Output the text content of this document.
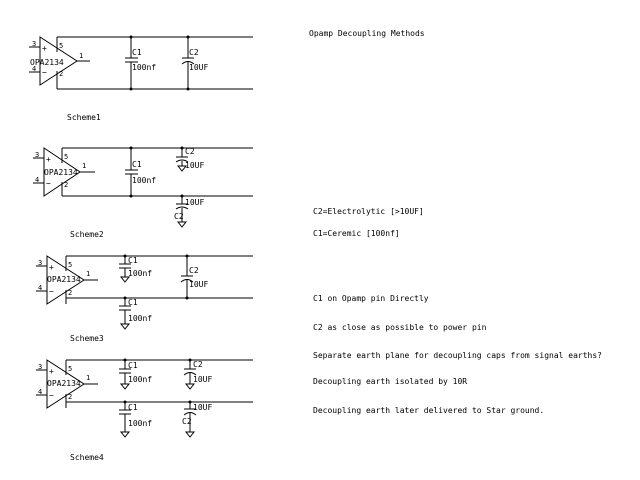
Opamp Decoupling Methods
C2=Electrolytic [>10UF]
C1=Ceremic [100nf]
C1 on Opamp pin Directly
C2 as close as possible to power pin
Separate earth plane for decoupling caps from signal earths?
Decoupling earth isolated by 10R
Decoupling earth later delivered to Star ground.
+
−
3
4
1
5
2
OPA2134
C1
100nf
C2
10UF
Scheme1
+
−
3
4
1
5
2
OPA2134
C1
100nf
C2
10UF
10UF
C2
Scheme2
+
−
3
4
1
5
2
OPA2134
C1
100nf
C1
100nf
C2
10UF
Scheme3
+
−
3
4
1
5
2
OPA2134
C1
100nf
C1
100nf
C2
10UF
10UF
C2
Scheme4
